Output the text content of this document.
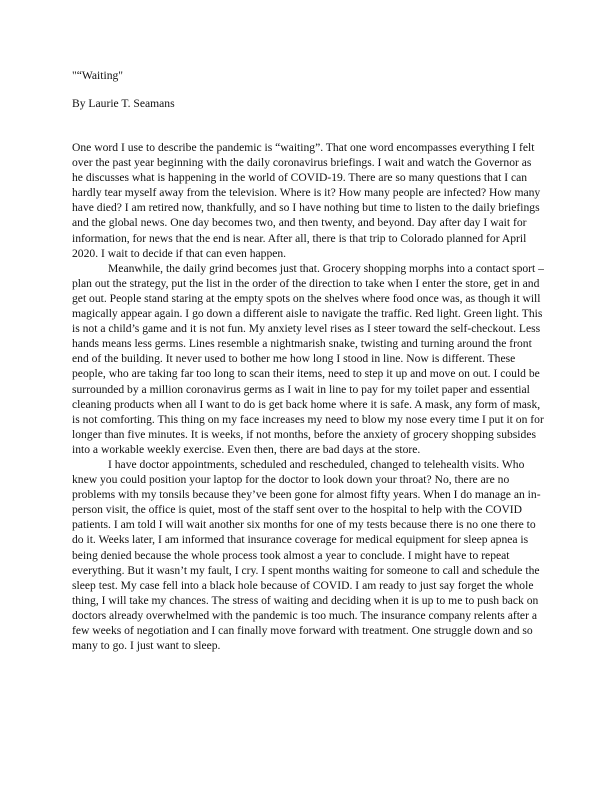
"“Waiting"

By Laurie T. Seamans

One word I use to describe the pandemic is “waiting”. That one word encompasses everything I felt over the past year beginning with the daily coronavirus briefings. I wait and watch the Governor as he discusses what is happening in the world of COVID-19. There are so many questions that I can hardly tear myself away from the television. Where is it? How many people are infected? How many have died? I am retired now, thankfully, and so I have nothing but time to listen to the daily briefings and the global news. One day becomes two, and then twenty, and beyond. Day after day I wait for information, for news that the end is near. After all, there is that trip to Colorado planned for April 2020. I wait to decide if that can even happen.

Meanwhile, the daily grind becomes just that. Grocery shopping morphs into a contact sport – plan out the strategy, put the list in the order of the direction to take when I enter the store, get in and get out. People stand staring at the empty spots on the shelves where food once was, as though it will magically appear again. I go down a different aisle to navigate the traffic. Red light. Green light. This is not a child’s game and it is not fun. My anxiety level rises as I steer toward the self-checkout. Less hands means less germs. Lines resemble a nightmarish snake, twisting and turning around the front end of the building. It never used to bother me how long I stood in line. Now is different. These people, who are taking far too long to scan their items, need to step it up and move on out. I could be surrounded by a million coronavirus germs as I wait in line to pay for my toilet paper and essential cleaning products when all I want to do is get back home where it is safe. A mask, any form of mask, is not comforting. This thing on my face increases my need to blow my nose every time I put it on for longer than five minutes. It is weeks, if not months, before the anxiety of grocery shopping subsides into a workable weekly exercise. Even then, there are bad days at the store.

I have doctor appointments, scheduled and rescheduled, changed to telehealth visits. Who knew you could position your laptop for the doctor to look down your throat? No, there are no problems with my tonsils because they’ve been gone for almost fifty years. When I do manage an in-person visit, the office is quiet, most of the staff sent over to the hospital to help with the COVID patients. I am told I will wait another six months for one of my tests because there is no one there to do it. Weeks later, I am informed that insurance coverage for medical equipment for sleep apnea is being denied because the whole process took almost a year to conclude. I might have to repeat everything. But it wasn’t my fault, I cry. I spent months waiting for someone to call and schedule the sleep test. My case fell into a black hole because of COVID. I am ready to just say forget the whole thing, I will take my chances. The stress of waiting and deciding when it is up to me to push back on doctors already overwhelmed with the pandemic is too much. The insurance company relents after a few weeks of negotiation and I can finally move forward with treatment. One struggle down and so many to go. I just want to sleep.
